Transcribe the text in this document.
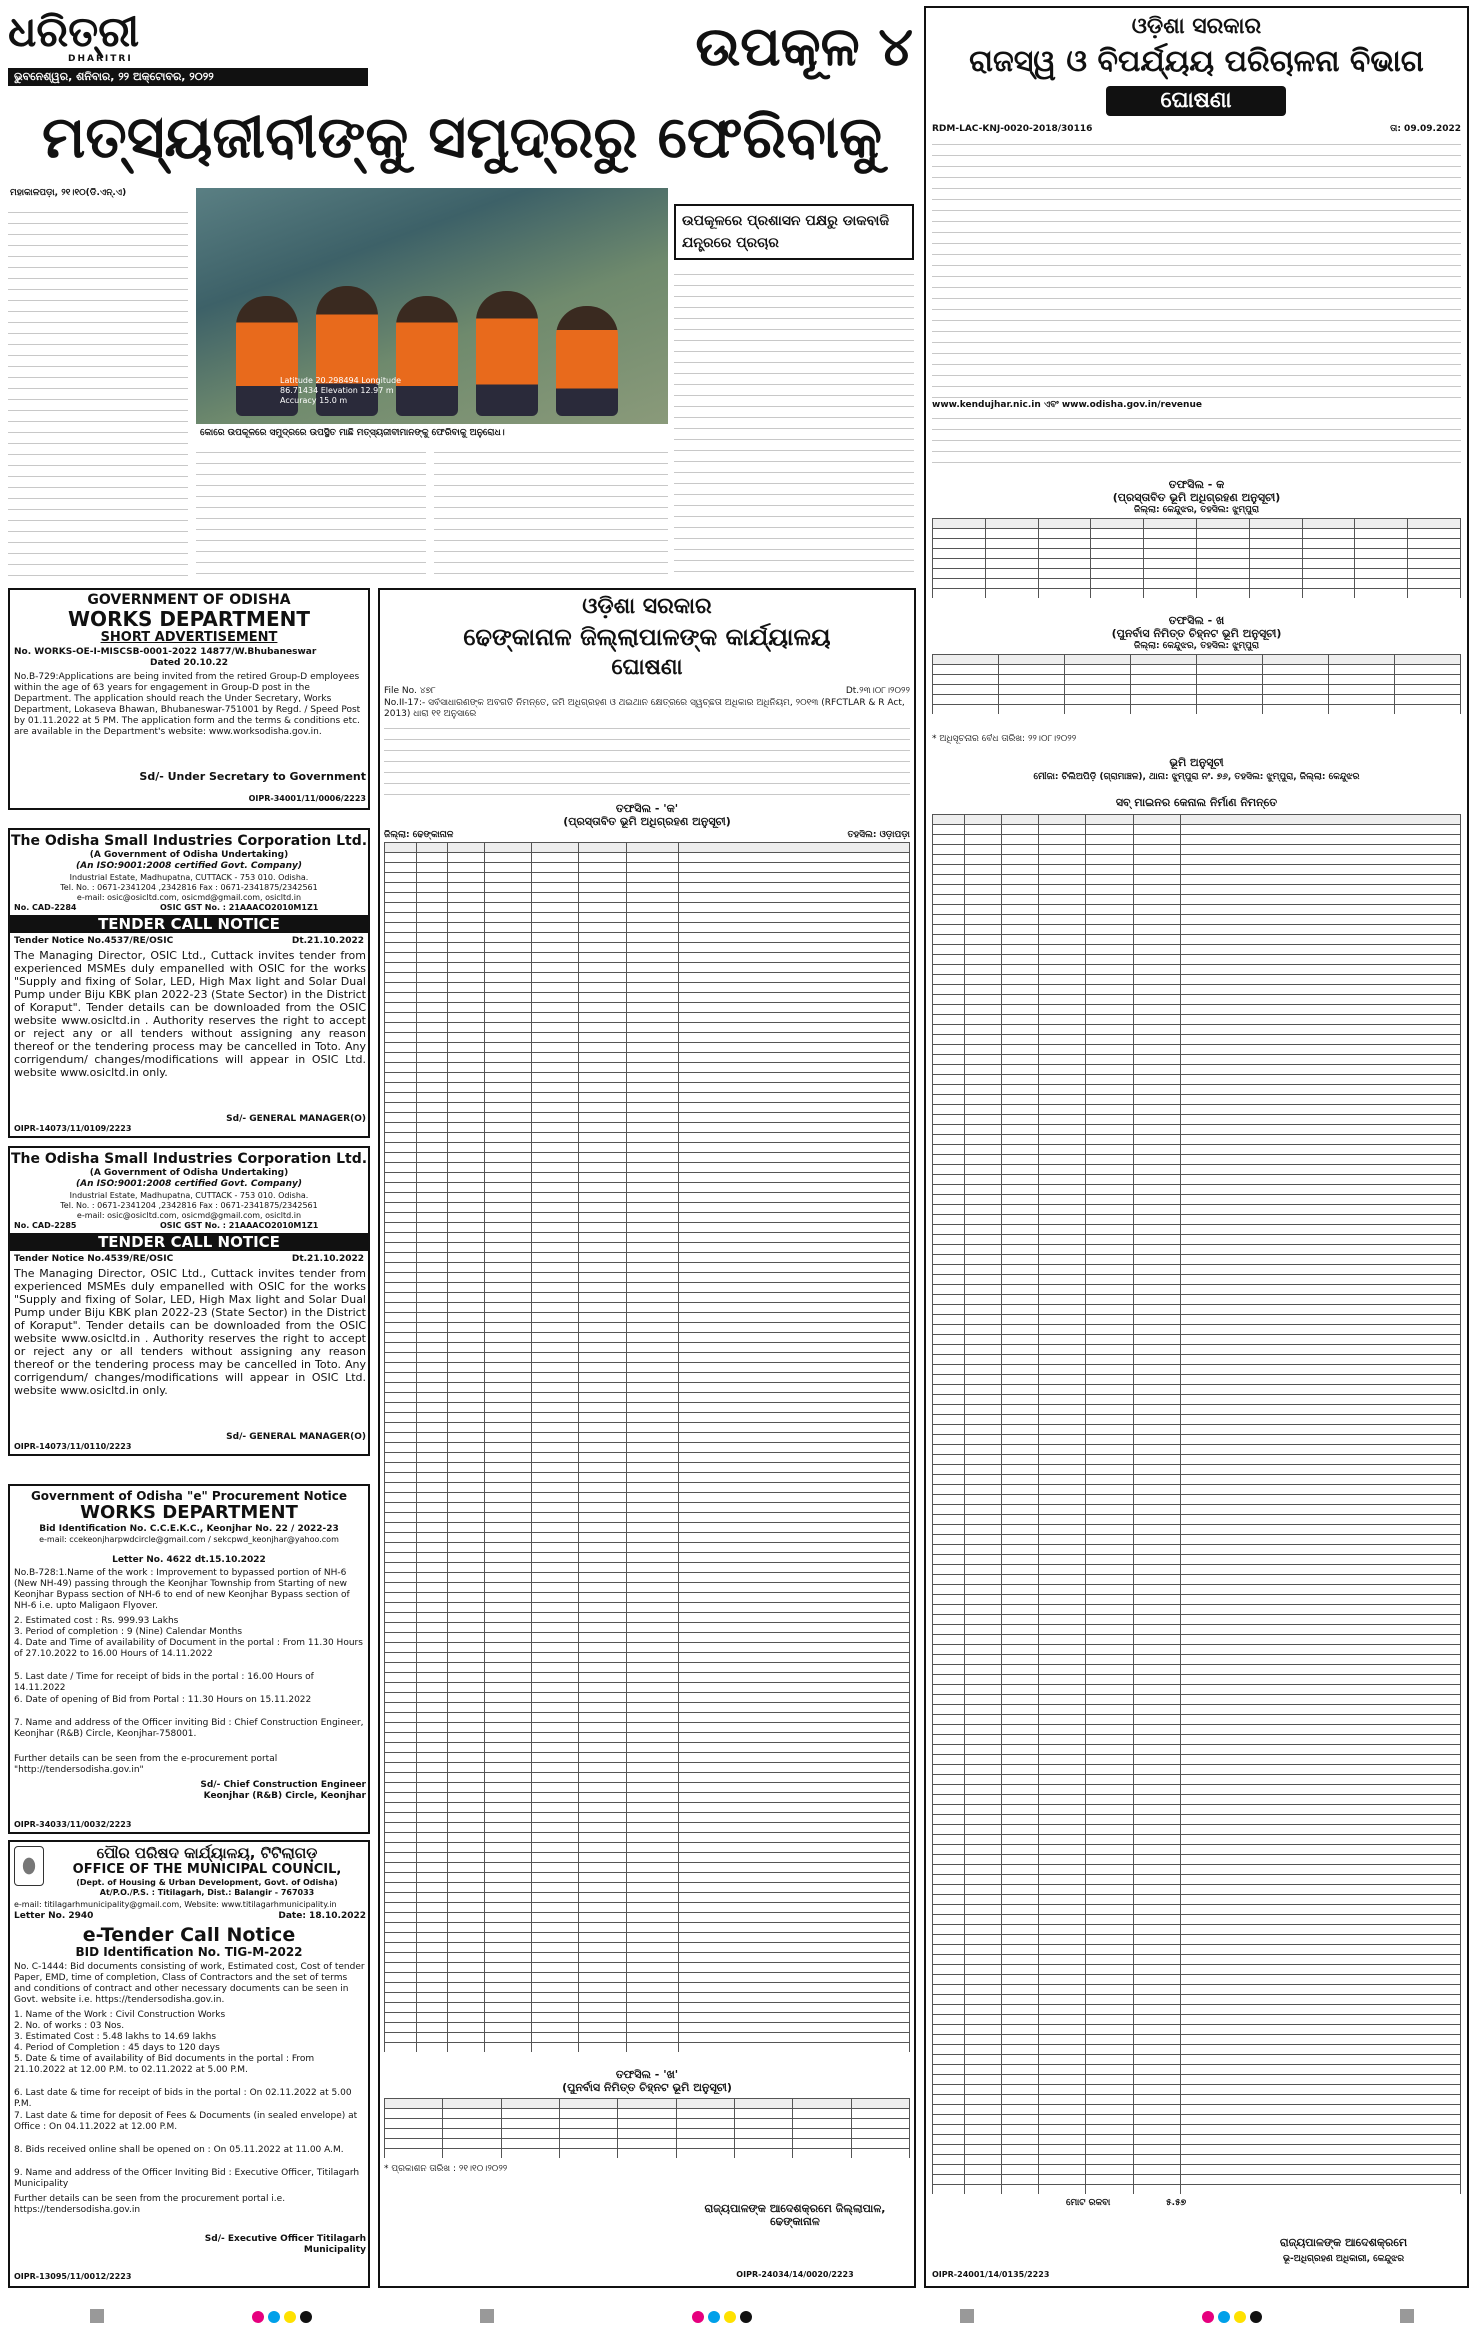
ଧରିତ୍ରୀ
DHARITRI
ଭୁବନେଶ୍ୱର, ଶନିବାର, ୨୨ ଅକ୍ଟୋବର, ୨୦୨୨	ଉପକୂଳ ୪
ମତ୍ସ୍ୟଜୀବୀଙ୍କୁ ସମୁଦ୍ରରୁ ଫେରିବାକୁ
ମହାକାଳପଡ଼ା, ୨୧।୧୦(ଡି.ଏନ୍.ଏ)
Latitude 20.298494 Longitude 86.71434 Elevation 12.97 m Accuracy 15.0 m
କୋରେ ଉପକୂଳରେ ସମୁଦ୍ରରେ ଉପସ୍ଥିତ ମାଛି ମତ୍ସ୍ୟଜୀବୀମାନଙ୍କୁ ଫେରିବାକୁ ଅନୁରୋଧ।
ଉପକୂଳରେ ପ୍ରଶାସନ ପକ୍ଷରୁ ଡାକବାଜି ଯନ୍ତ୍ରରେ ପ୍ରଚାର
GOVERNMENT OF ODISHA
WORKS DEPARTMENT
SHORT ADVERTISEMENT
No. WORKS-OE-I-MISCSB-0001-2022 14877/W.Bhubaneswar
Dated 20.10.22
No.B-729:Applications are being invited from the retired Group-D employees within the age of 63 years for engagement in Group-D post in the Department. The application should reach the Under Secretary, Works Department, Lokaseva Bhawan, Bhubaneswar-751001 by Regd. / Speed Post by 01.11.2022 at 5 PM. The application form and the terms & conditions etc. are available in the Department's website: www.worksodisha.gov.in.
Sd/- Under Secretary to Government
OIPR-34001/11/0006/2223
The Odisha Small Industries Corporation Ltd.
(A Government of Odisha Undertaking)
(An ISO:9001:2008 certified Govt. Company)
Industrial Estate, Madhupatna, CUTTACK - 753 010. Odisha.
Tel. No. : 0671-2341204 ,2342816 Fax : 0671-2341875/2342561
e-mail: osic@osicltd.com, osicmd@gmail.com, osicltd.in
No. CAD-2284	OSIC GST No. : 21AAACO2010M1Z1
TENDER CALL NOTICE
Tender Notice No.4537/RE/OSIC	Dt.21.10.2022
The Managing Director, OSIC Ltd., Cuttack invites tender from experienced MSMEs duly empanelled with OSIC for the works "Supply and fixing of Solar, LED, High Max light and Solar Dual Pump under Biju KBK plan 2022-23 (State Sector) in the District of Koraput". Tender details can be downloaded from the OSIC website www.osicltd.in . Authority reserves the right to accept or reject any or all tenders without assigning any reason thereof or the tendering process may be cancelled in Toto. Any corrigendum/ changes/modifications will appear in OSIC Ltd. website www.osicltd.in only.
Sd/- GENERAL MANAGER(O)
OIPR-14073/11/0109/2223
The Odisha Small Industries Corporation Ltd.
(A Government of Odisha Undertaking)
(An ISO:9001:2008 certified Govt. Company)
Industrial Estate, Madhupatna, CUTTACK - 753 010. Odisha.
Tel. No. : 0671-2341204 ,2342816 Fax : 0671-2341875/2342561
e-mail: osic@osicltd.com, osicmd@gmail.com, osicltd.in
No. CAD-2285	OSIC GST No. : 21AAACO2010M1Z1
TENDER CALL NOTICE
Tender Notice No.4539/RE/OSIC	Dt.21.10.2022
The Managing Director, OSIC Ltd., Cuttack invites tender from experienced MSMEs duly empanelled with OSIC for the works "Supply and fixing of Solar, LED, High Max light and Solar Dual Pump under Biju KBK plan 2022-23 (State Sector) in the District of Koraput". Tender details can be downloaded from the OSIC website www.osicltd.in . Authority reserves the right to accept or reject any or all tenders without assigning any reason thereof or the tendering process may be cancelled in Toto. Any corrigendum/ changes/modifications will appear in OSIC Ltd. website www.osicltd.in only.
Sd/- GENERAL MANAGER(O)
OIPR-14073/11/0110/2223
Government of Odisha "e" Procurement Notice
WORKS DEPARTMENT
Bid Identification No. C.C.E.K.C., Keonjhar No. 22 / 2022-23
e-mail: ccekeonjharpwdcircle@gmail.com / sekcpwd_keonjhar@yahoo.com
Letter No. 4622 dt.15.10.2022
No.B-728:1.Name of the work : Improvement to bypassed portion of NH-6 (New NH-49) passing through the Keonjhar Township from Starting of new Keonjhar Bypass section of NH-6 to end of new Keonjhar Bypass section of NH-6 i.e. upto Maligaon Flyover.
2. Estimated cost : Rs. 999.93 Lakhs
3. Period of completion : 9 (Nine) Calendar Months
4. Date and Time of availability of Document in the portal : From 11.30 Hours of 27.10.2022 to 16.00 Hours of 14.11.2022
5. Last date / Time for receipt of bids in the portal : 16.00 Hours of 14.11.2022
6. Date of opening of Bid from Portal : 11.30 Hours on 15.11.2022
7. Name and address of the Officer inviting Bid : Chief Construction Engineer, Keonjhar (R&B) Circle, Keonjhar-758001.
Further details can be seen from the e-procurement portal "http://tendersodisha.gov.in"
Sd/- Chief Construction Engineer Keonjhar (R&B) Circle, Keonjhar
OIPR-34033/11/0032/2223
ପୌର ପରିଷଦ କାର୍ଯ୍ୟାଳୟ, ଟିଟିଲାଗଡ଼
OFFICE OF THE MUNICIPAL COUNCIL,
(Dept. of Housing & Urban Development, Govt. of Odisha)
At/P.O./P.S. : Titilagarh, Dist.: Balangir - 767033
e-mail: titilagarhmunicipality@gmail.com, Website: www.titilagarhmunicipality.in
Letter No. 2940	Date: 18.10.2022
e-Tender Call Notice
BID Identification No. TIG-M-2022
No. C-1444: Bid documents consisting of work, Estimated cost, Cost of tender Paper, EMD, time of completion, Class of Contractors and the set of terms and conditions of contract and other necessary documents can be seen in Govt. website i.e. https://tendersodisha.gov.in.
1. Name of the Work : Civil Construction Works
2. No. of works : 03 Nos.
3. Estimated Cost : 5.48 lakhs to 14.69 lakhs
4. Period of Completion : 45 days to 120 days
5. Date & time of availability of Bid documents in the portal : From 21.10.2022 at 12.00 P.M. to 02.11.2022 at 5.00 P.M.
6. Last date & time for receipt of bids in the portal : On 02.11.2022 at 5.00 P.M.
7. Last date & time for deposit of Fees & Documents (in sealed envelope) at Office : On 04.11.2022 at 12.00 P.M.
8. Bids received online shall be opened on : On 05.11.2022 at 11.00 A.M.
9. Name and address of the Officer Inviting Bid : Executive Officer, Titilagarh Municipality
Further details can be seen from the procurement portal i.e. https://tendersodisha.gov.in
Sd/- Executive Officer Titilagarh Municipality
OIPR-13095/11/0012/2223
ଓଡ଼ିଶା ସରକାର
ଢେଙ୍କାନାଳ ଜିଲ୍ଲାପାଳଙ୍କ କାର୍ଯ୍ୟାଳୟ
ଘୋଷଣା
File No. ୪୭୮	Dt.୨୩।୦୮।୨୦୨୨
No.II-17:- ସର୍ବସାଧାରଣଙ୍କ ଅବଗତି ନିମନ୍ତେ, ଜମି ଅଧିଗ୍ରହଣ ଓ ଥଇଥାନ କ୍ଷେତ୍ରରେ ସ୍ୱଚ୍ଛତା ଅଧିକାର ଅଧିନିୟମ, ୨୦୧୩ (RFCTLAR & R Act, 2013) ଧାରା ୧୧ ଅନୁସାରେ
ତଫସିଲ - 'କ'
(ପ୍ରସ୍ତାବିତ ଭୂମି ଅଧିଗ୍ରହଣ ଅନୁସୂଚୀ)
ଜିଲ୍ଲା: ଢେଙ୍କାନାଳ	ତହସିଲ: ଓଡ଼ାପଡ଼ା

ତଫସିଲ - 'ଖ'
(ପୁନର୍ବାସ ନିମିତ୍ତ ଚିହ୍ନଟ ଭୂମି ଅନୁସୂଚୀ)

* ପ୍ରକାଶନ ତାରିଖ : ୨୧।୧୦।୨୦୨୨
ରାଜ୍ୟପାଳଙ୍କ ଆଦେଶକ୍ରମେ ଜିଲ୍ଲାପାଳ, ଢେଙ୍କାନାଳ
OIPR-24034/14/0020/2223
ଓଡ଼ିଶା ସରକାର
ରାଜସ୍ୱ ଓ ବିପର୍ଯ୍ୟୟ ପରିଚାଳନା ବିଭାଗ
ଘୋଷଣା
RDM-LAC-KNJ-0020-2018/30116	ତା: 09.09.2022
www.kendujhar.nic.in ଏବଂ www.odisha.gov.in/revenue
ତଫସିଲ - କ
(ପ୍ରସ୍ତାବିତ ଭୂମି ଅଧିଗ୍ରହଣ ଅନୁସୂଚୀ)
ଜିଲ୍ଲା: କେନ୍ଦୁଝର, ତହସିଲ: ଝୁମ୍ପୁରା

ତଫସିଲ - ଖ
(ପୁନର୍ବାସ ନିମିତ୍ତ ଚିହ୍ନଟ ଭୂମି ଅନୁସୂଚୀ)
ଜିଲ୍ଲା: କେନ୍ଦୁଝର, ତହସିଲ: ଝୁମ୍ପୁରା

* ଅଧିସୂଚନାର ବୈଧ ତାରିଖ: ୨୨।୦୮।୨୦୨୨
ଭୂମି ଅନୁସୂଚୀ
ମୌଜା: ଚିଲିଅପିଡ଼ି (ଗ୍ରାମାଞ୍ଚଳ), ଥାନା: ଝୁମ୍ପୁରା ନଂ. ୭୬, ତହସିଲ: ଝୁମ୍ପୁରା, ଜିଲ୍ଲା: କେନ୍ଦୁଝର
ସବ୍ ମାଇନର କେନାଲ ନିର୍ମାଣ ନିମନ୍ତେ

ମୋଟ ରକବା	୫.୫୭
ରାଜ୍ୟପାଳଙ୍କ ଆଦେଶକ୍ରମେ
ଭୂ-ଅଧିଗ୍ରହଣ ଅଧିକାରୀ, କେନ୍ଦୁଝର
OIPR-24001/14/0135/2223
